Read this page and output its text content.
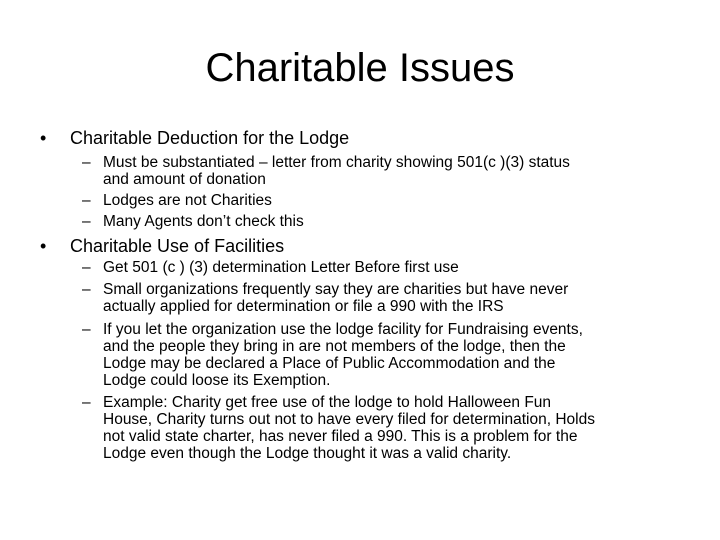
Charitable Issues
•	Charitable Deduction for the Lodge
– Must be substantiated – letter from charity showing 501(c )(3) status
and amount of donation
– Lodges are not Charities
– Many Agents don’t check this
•	Charitable Use of Facilities
– Get 501 (c ) (3) determination Letter Before first use
– Small organizations frequently say they are charities but have never
actually applied for determination or file a 990 with the IRS
– If you let the organization use the lodge facility for Fundraising events,
and the people they bring in are not members of the lodge, then the
Lodge may be declared a Place of Public Accommodation and the
Lodge could loose its Exemption.
– Example: Charity get free use of the lodge to hold Halloween Fun
House, Charity turns out not to have every filed for determination, Holds
not valid state charter, has never filed a 990. This is a problem for the
Lodge even though the Lodge thought it was a valid charity.
